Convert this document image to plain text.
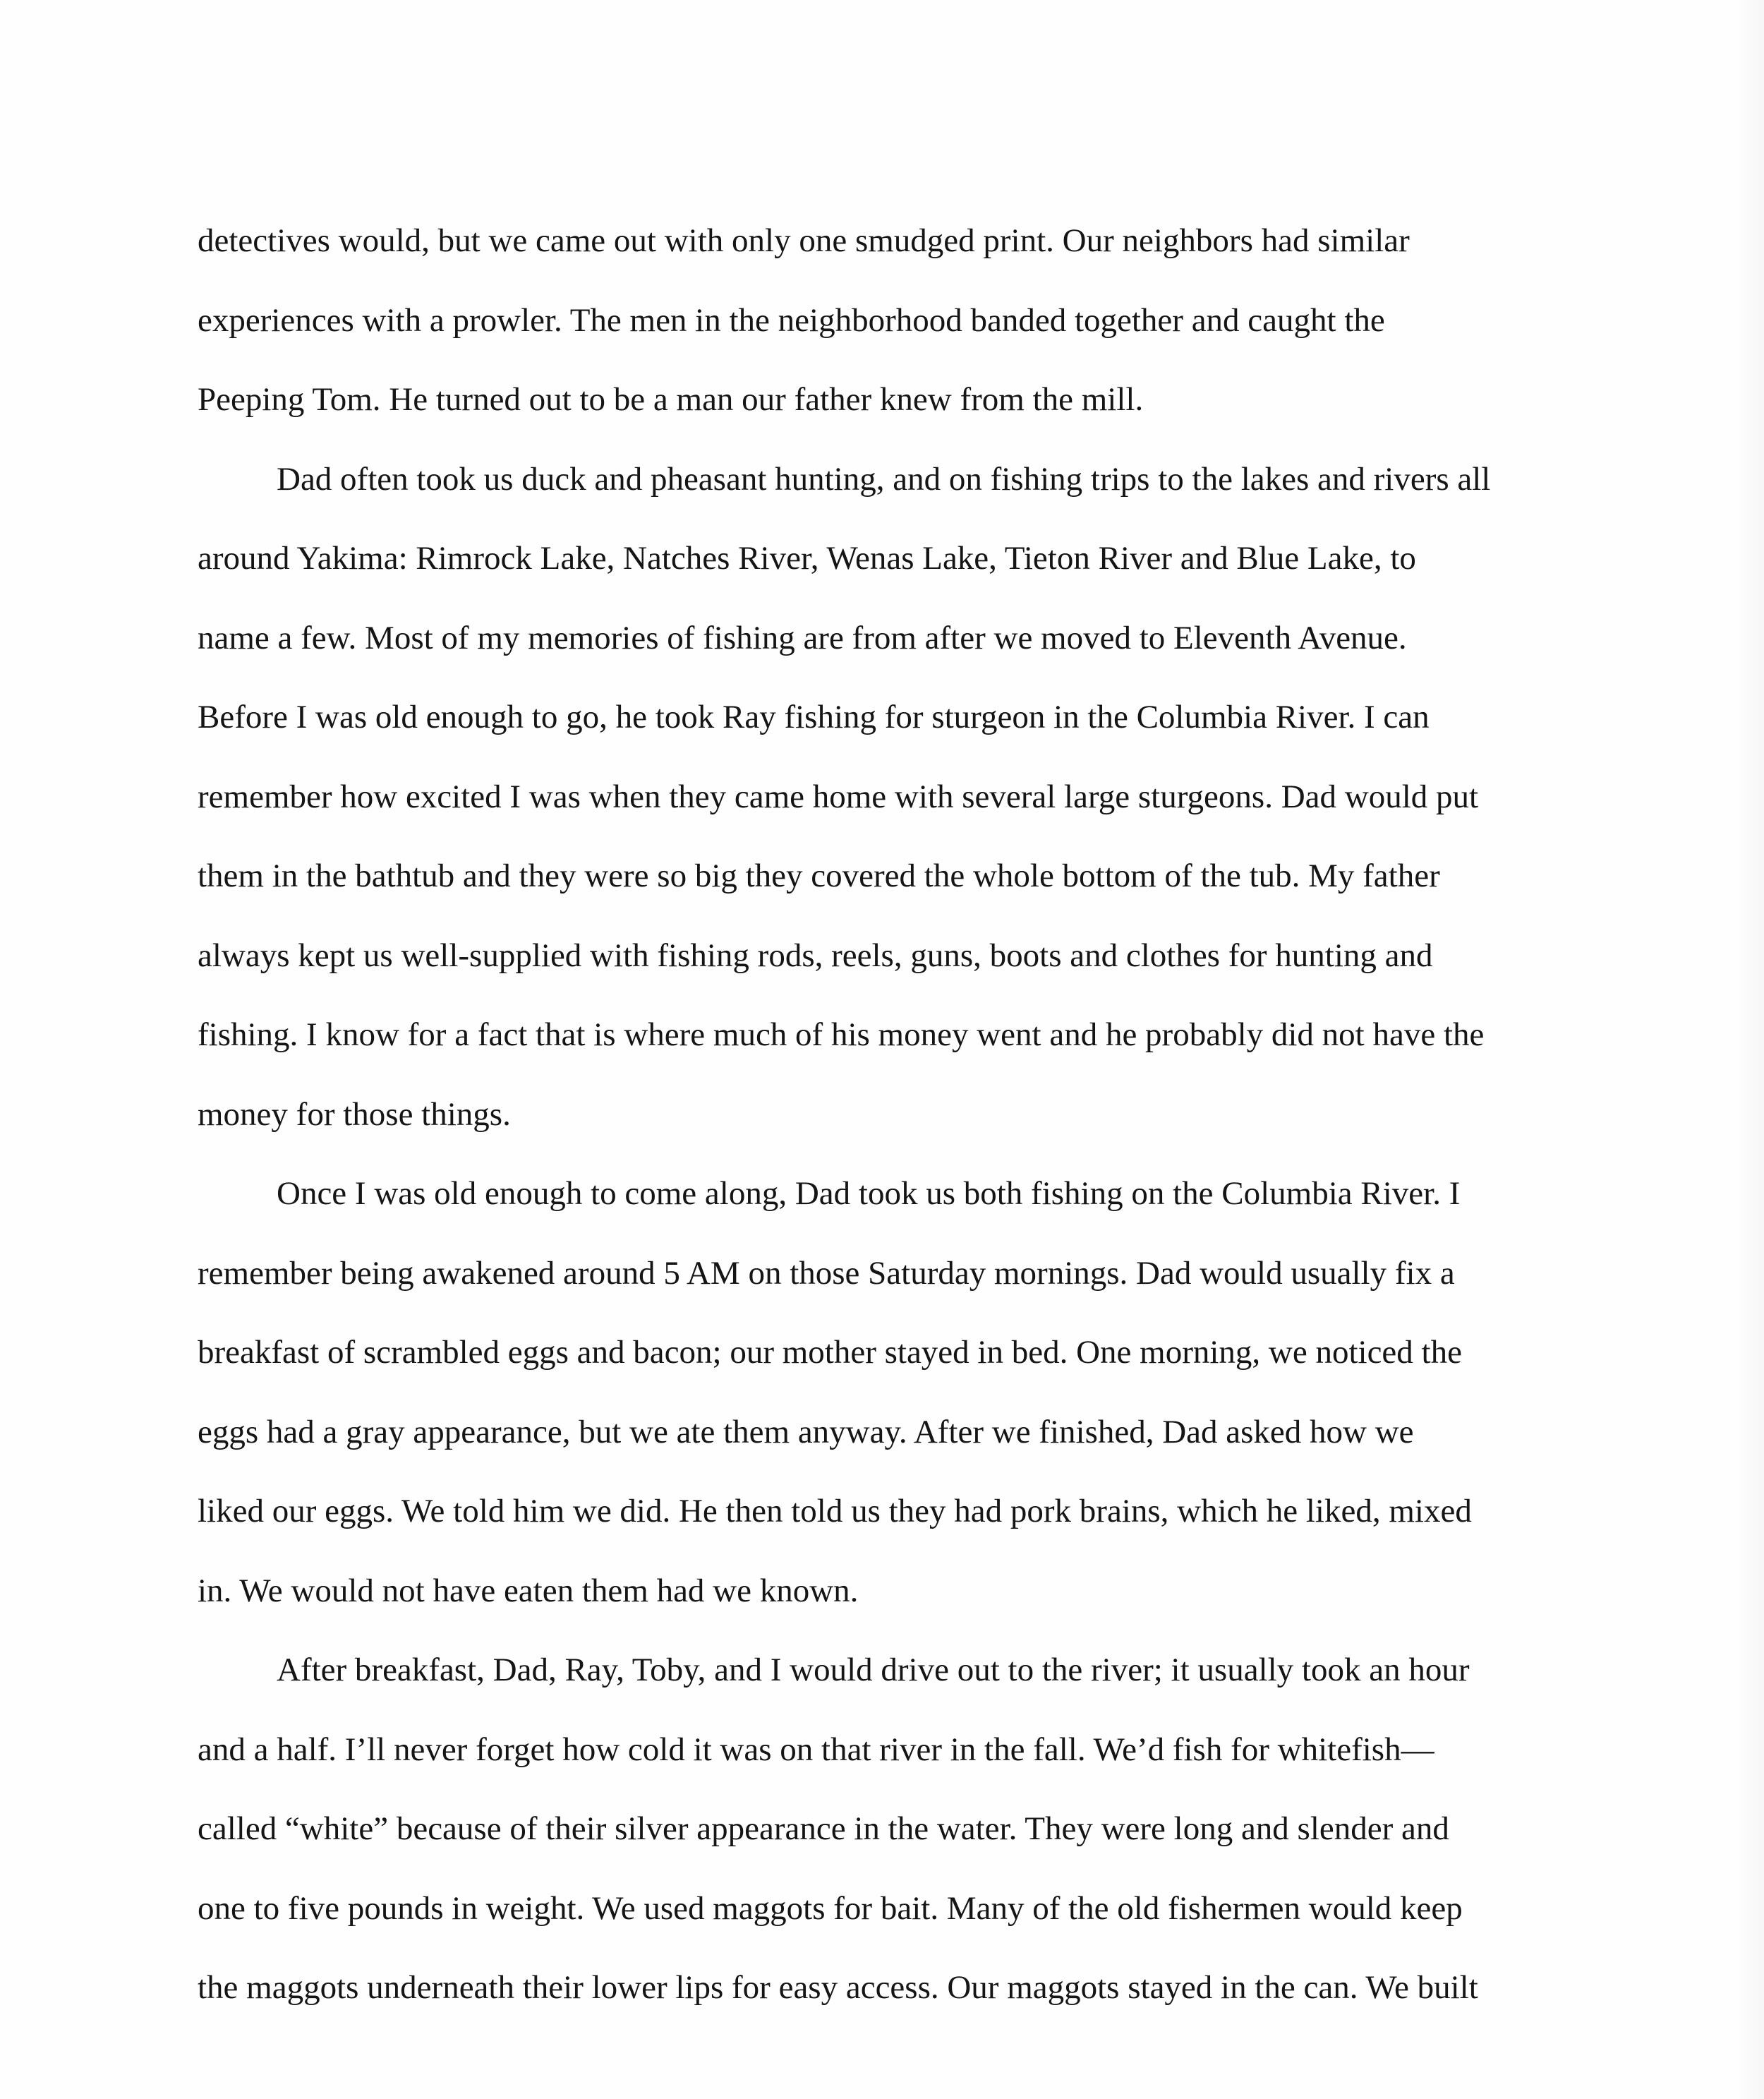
detectives would, but we came out with only one smudged print. Our neighbors had similar
experiences with a prowler. The men in the neighborhood banded together and caught the
Peeping Tom. He turned out to be a man our father knew from the mill.
Dad often took us duck and pheasant hunting, and on fishing trips to the lakes and rivers all
around Yakima: Rimrock Lake, Natches River, Wenas Lake, Tieton River and Blue Lake, to
name a few. Most of my memories of fishing are from after we moved to Eleventh Avenue.
Before I was old enough to go, he took Ray fishing for sturgeon in the Columbia River. I can
remember how excited I was when they came home with several large sturgeons. Dad would put
them in the bathtub and they were so big they covered the whole bottom of the tub. My father
always kept us well-supplied with fishing rods, reels, guns, boots and clothes for hunting and
fishing. I know for a fact that is where much of his money went and he probably did not have the
money for those things.
Once I was old enough to come along, Dad took us both fishing on the Columbia River. I
remember being awakened around 5 AM on those Saturday mornings. Dad would usually fix a
breakfast of scrambled eggs and bacon; our mother stayed in bed. One morning, we noticed the
eggs had a gray appearance, but we ate them anyway. After we finished, Dad asked how we
liked our eggs. We told him we did. He then told us they had pork brains, which he liked, mixed
in. We would not have eaten them had we known.
After breakfast, Dad, Ray, Toby, and I would drive out to the river; it usually took an hour
and a half. I’ll never forget how cold it was on that river in the fall. We’d fish for whitefish—
called “white” because of their silver appearance in the water. They were long and slender and
one to five pounds in weight. We used maggots for bait. Many of the old fishermen would keep
the maggots underneath their lower lips for easy access. Our maggots stayed in the can. We built
